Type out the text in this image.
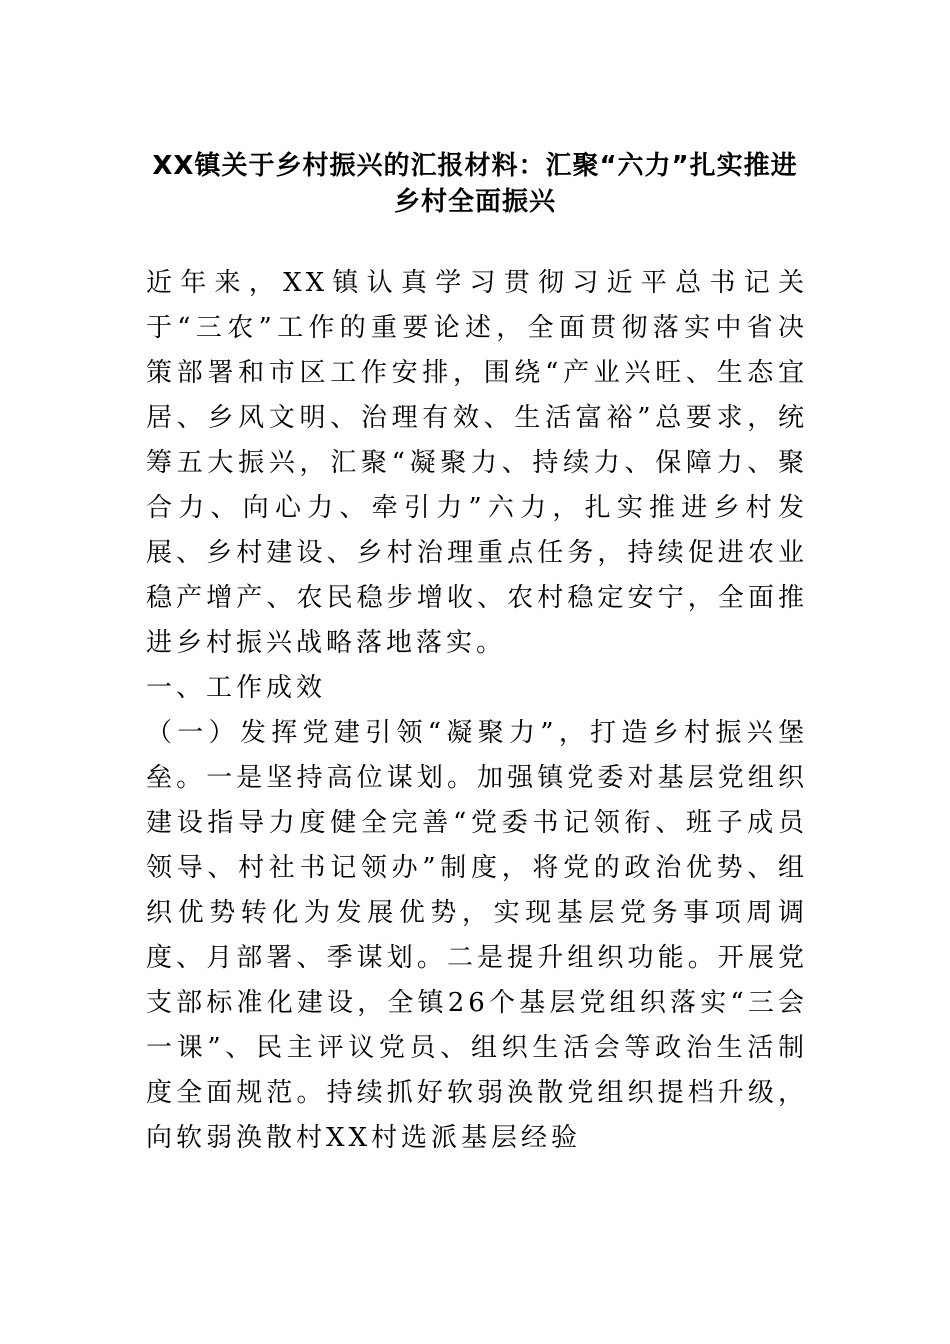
XX镇关于乡村振兴的汇报材料：汇聚“六力”扎实推进乡村全面振兴

近年来，XX镇认真学习贯彻习近平总书记关于“三农”工作的重要论述，全面贯彻落实中省决策部署和市区工作安排，围绕“产业兴旺、生态宜居、乡风文明、治理有效、生活富裕”总要求，统筹五大振兴，汇聚“凝聚力、持续力、保障力、聚合力、向心力、牵引力”六力，扎实推进乡村发展、乡村建设、乡村治理重点任务，持续促进农业稳产增产、农民稳步增收、农村稳定安宁，全面推进乡村振兴战略落地落实。

一、工作成效

（一）发挥党建引领“凝聚力”，打造乡村振兴堡垒。一是坚持高位谋划。加强镇党委对基层党组织建设指导力度健全完善“党委书记领衔、班子成员领导、村社书记领办”制度，将党的政治优势、组织优势转化为发展优势，实现基层党务事项周调度、月部署、季谋划。二是提升组织功能。开展党支部标准化建设，全镇26个基层党组织落实“三会一课”、民主评议党员、组织生活会等政治生活制度全面规范。持续抓好软弱涣散党组织提档升级，向软弱涣散村XX村选派基层经验
